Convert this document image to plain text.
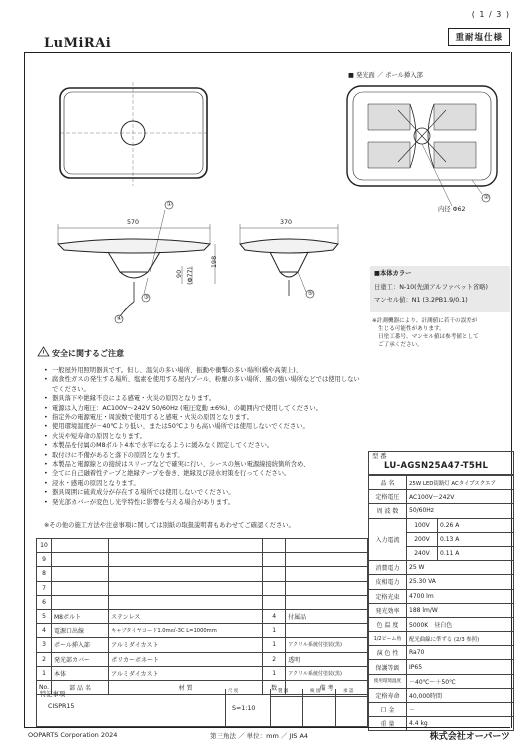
( 1 / 3 )
LuMiRAi	重耐塩仕様
■ 発光面 ／ ポール挿入部
570	370
198
90 (Φ77)
内径 Φ62
①
②
③
④
⑤
■本体カラー
日塗工：N-10(先頭アルファベット省略)
マンセル値：N1 (3.2PB1.9/0.1)
※計測機器により、計測値に若干の誤差が
生じる可能性があります。
日塗工番号、マンセル値は参考値として
ご了承ください。
安全に関するご注意
• 一般屋外用照明器具です。但し、温気の多い場所、振動や衝撃の多い場所(橋や高架上)、
• 腐食性ガスの発生する場所、塩素を使用する屋内プール、粉塵の多い場所、風の強い場所などでは使用しないでください。
• 器具落下や絶縁不良による感電・火災の原因となります。
• 電源は入力電圧：AC100V〜242V 50/60Hz (電圧変動 ±6%)、の範囲内で使用してください。
• 指定外の電源電圧・周波数で使用すると感電・火災の原因となります。
• 使用環境温度が－40℃より低い、または50℃よりも高い場所では使用しないでください。
• 火災や短寿命の原因となります。
• 本製品を付属のM8ボルト4本で水平になるように緩みなく固定してください。
• 取付けに不備があると落下の原因となります。
• 本製品と電源線との接続はスリーブなどで確実に行い、シースの無い電源線接続箇所含め、
• 全てに自己融着性テープと絶縁テープを巻き、絶縁及び浸水対策を行ってください。
• 浸水・感電の原因となります。
• 器具周囲に硫黄成分が存在する場所では使用しないでください。
• 発光部カバーが変色し光学特性に影響を与える場合があります。
※その他の施工方法や注意事項に関しては別紙の取扱説明書もあわせてご確認ください。
10				
9				
8				
7				
6				
5	M8ボルト	ステンレス	4	付属品
4	電源口出線	キャブタイヤコード1.0m㎡-3C L=1000mm	1	
3	ポール挿入部	アルミダイカスト	1	アクリル系焼付塗装(黒)
2	発光部カバー	ポリカーボネート	2	透明
1	本体	アルミダイカスト	1	アクリル系焼付塗装(黒)
No.	部 品 名	材 質	数	備 考
特記事項
CISPR15
尺 度
S=1:10
製 図	検 図	承 認
型 番
LU-AGSN25A47-T5HL
品 名	25W LED街路灯 ACタイプスクエア	
定格電圧	AC100V〜242V	
周 波 数	50/60Hz	
入力電流	100V	0.26 A
	200V	0.13 A
	240V	0.11 A
消費電力	25 W	
皮相電力	25.30 VA	
定格光束	4700 lm	
発光効率	188 lm/W	
色 温 度	5000K　昼白色	
1/2ビーム角	配光曲線に準ずる (2/3 参照)	
演 色 性	Ra70	
保護等級	IP65	
使用環境温度	－40℃〜＋50℃	
定格寿命	40,000時間	
口 金	－	
重 量	4.4 kg	
OOPARTS Corporation 2024	第三角法 ／ 単位：mm ／ JIS A4	株式会社オーパーツ
